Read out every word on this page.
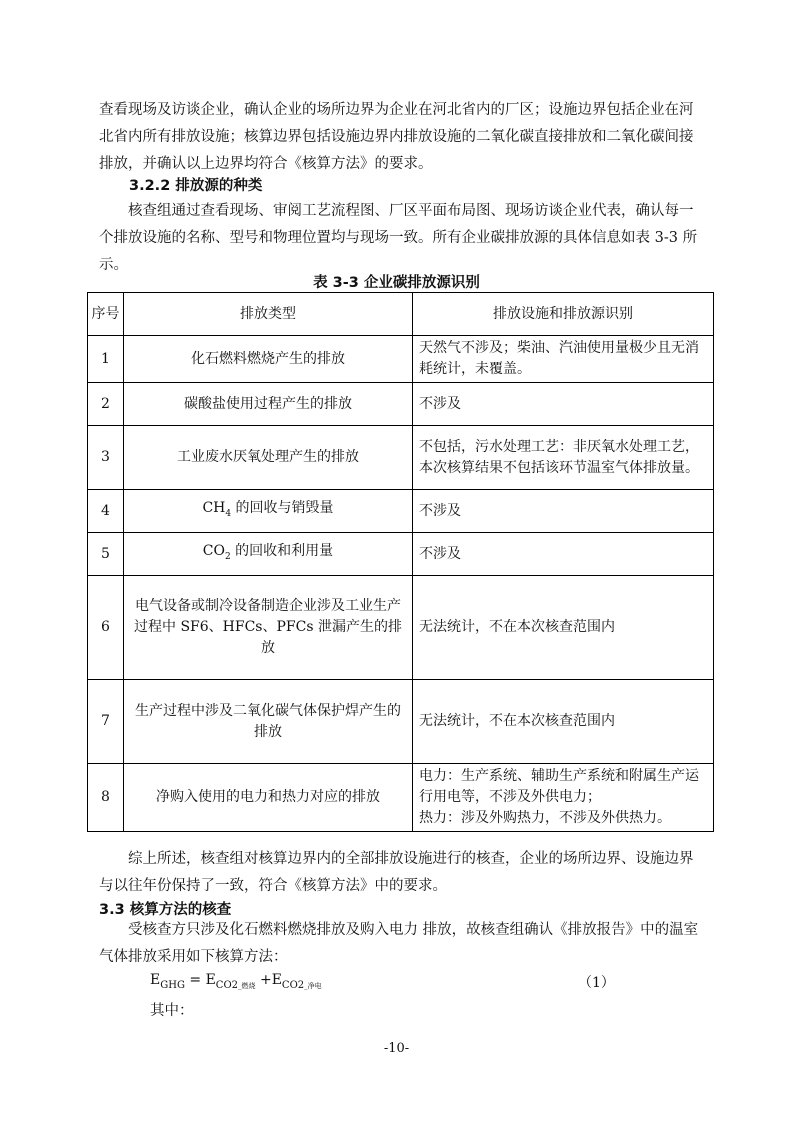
查看现场及访谈企业，确认企业的场所边界为企业在河北省内的厂区；设施边界包括企业在河北省内所有排放设施；核算边界包括设施边界内排放设施的二氧化碳直接排放和二氧化碳间接排放，并确认以上边界均符合《核算方法》的要求。

3.2.2 排放源的种类

核查组通过查看现场、审阅工艺流程图、厂区平面布局图、现场访谈企业代表，确认每一个排放设施的名称、型号和物理位置均与现场一致。所有企业碳排放源的具体信息如表 3-3 所示。

表 3-3 企业碳排放源识别
序号	排放类型	排放设施和排放源识别
1	化石燃料燃烧产生的排放	天然气不涉及；柴油、汽油使用量极少且无消耗统计，未覆盖。
2	碳酸盐使用过程产生的排放	不涉及
3	工业废水厌氧处理产生的排放	不包括，污水处理工艺：非厌氧水处理工艺，本次核算结果不包括该环节温室气体排放量。
4	$CH_4$ 的回收与销毁量	不涉及
5	$CO_2$ 的回收和利用量	不涉及
6	电气设备或制冷设备制造企业涉及工业生产过程中 SF6、HFCs、PFCs 泄漏产生的排放	无法统计，不在本次核查范围内
7	生产过程中涉及二氧化碳气体保护焊产生的排放	无法统计，不在本次核查范围内
8	净购入使用的电力和热力对应的排放	电力：生产系统、辅助生产系统和附属生产运行用电等，不涉及外供电力；
热力：涉及外购热力，不涉及外供热力。

综上所述，核查组对核算边界内的全部排放设施进行的核查，企业的场所边界、设施边界与以往年份保持了一致，符合《核算方法》中的要求。

3.3 核算方法的核查

受核查方只涉及化石燃料燃烧排放及购入电力 排放，故核查组确认《排放报告》中的温室气体排放采用如下核算方法：

$E_{GHG} = E_{CO2\_燃烧} +E_{CO2\_净电}$	（1）

其中：

-10-
